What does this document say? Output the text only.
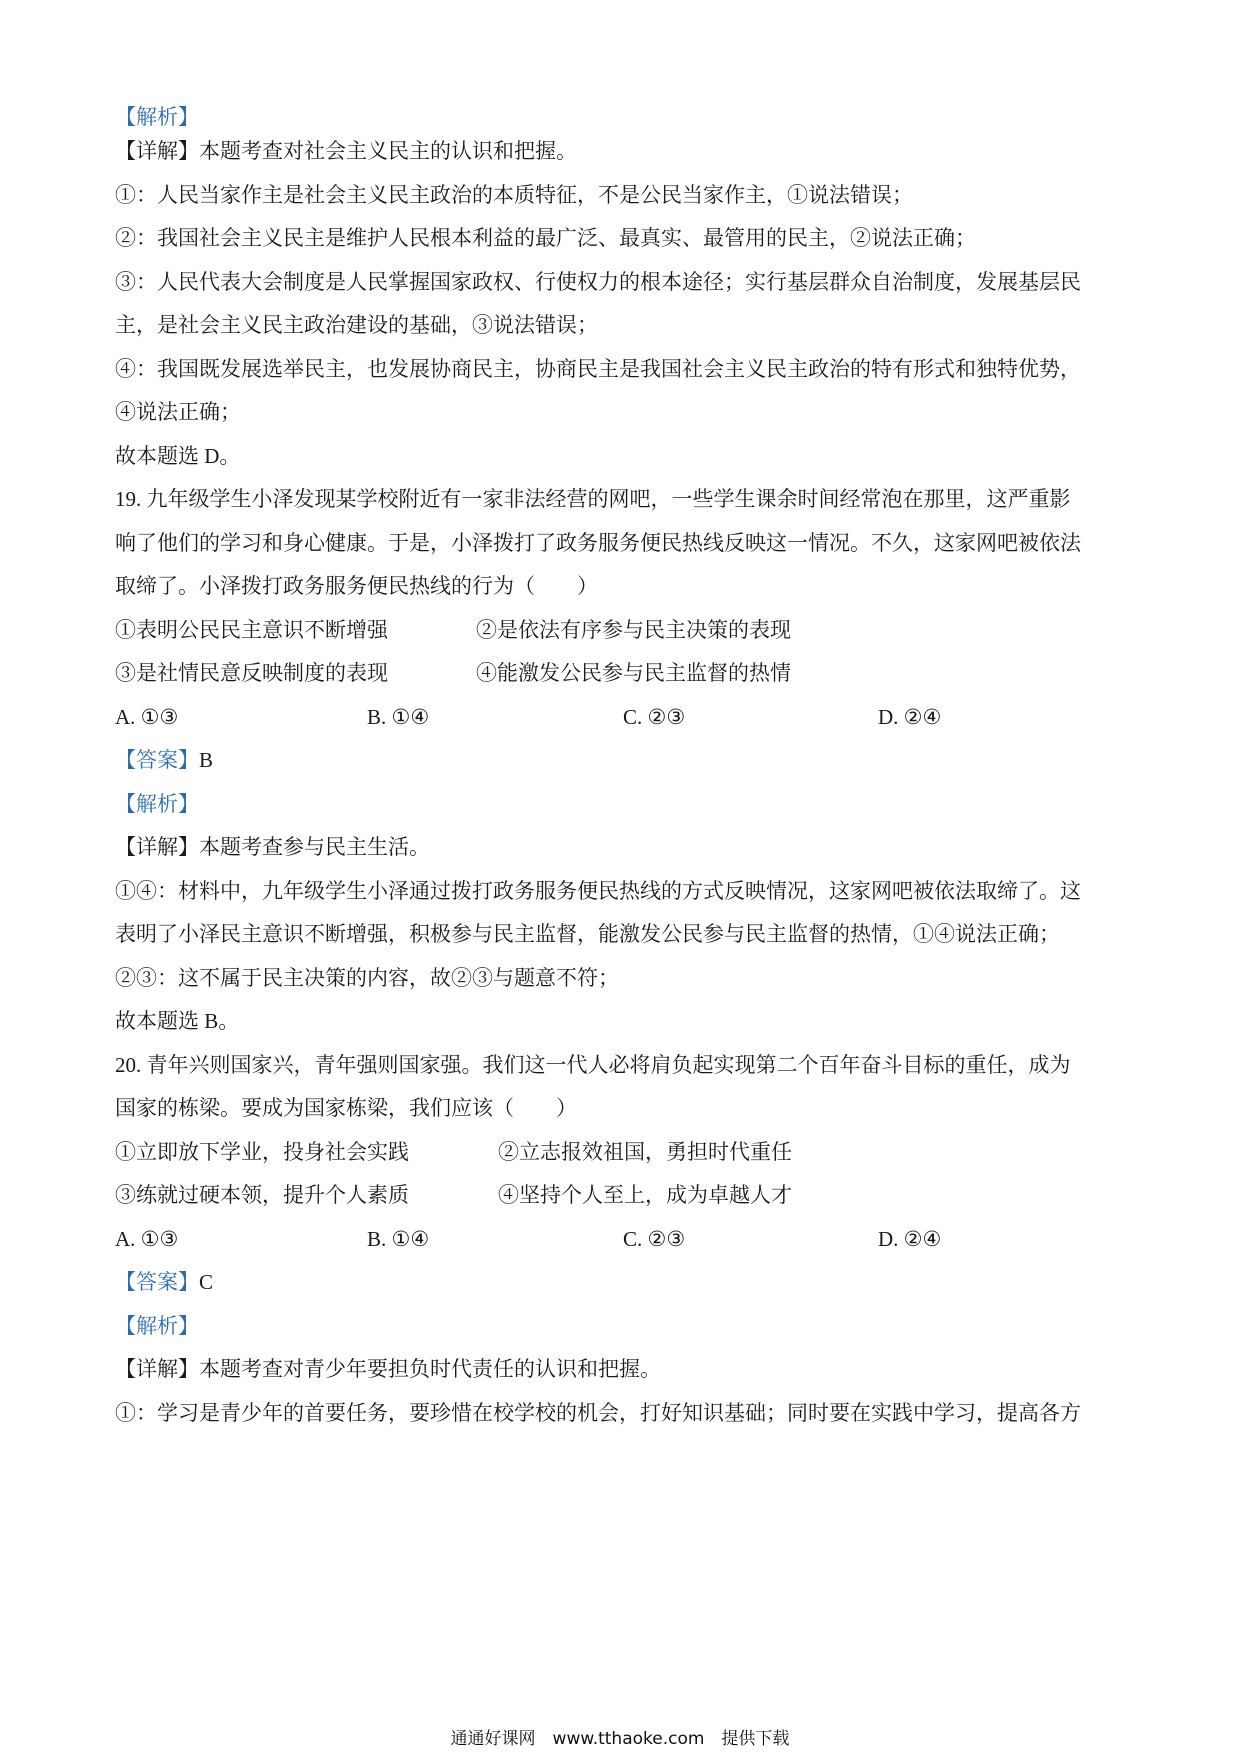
【解析】
【详解】本题考查对社会主义民主的认识和把握。
①：人民当家作主是社会主义民主政治的本质特征，不是公民当家作主，①说法错误；
②：我国社会主义民主是维护人民根本利益的最广泛、最真实、最管用的民主，②说法正确；
③：人民代表大会制度是人民掌握国家政权、行使权力的根本途径；实行基层群众自治制度，发展基层民
主，是社会主义民主政治建设的基础，③说法错误；
④：我国既发展选举民主，也发展协商民主，协商民主是我国社会主义民主政治的特有形式和独特优势，
④说法正确；
故本题选 D。
19. 九年级学生小泽发现某学校附近有一家非法经营的网吧，一些学生课余时间经常泡在那里，这严重影
响了他们的学习和身心健康。于是，小泽拨打了政务服务便民热线反映这一情况。不久，这家网吧被依法
取缔了。小泽拨打政务服务便民热线的行为（　　）
①表明公民民主意识不断增强	②是依法有序参与民主决策的表现
③是社情民意反映制度的表现	④能激发公民参与民主监督的热情
A. ①③	B. ①④	C. ②③	D. ②④
【答案】B
【解析】
【详解】本题考查参与民主生活。
①④：材料中，九年级学生小泽通过拨打政务服务便民热线的方式反映情况，这家网吧被依法取缔了。这
表明了小泽民主意识不断增强，积极参与民主监督，能激发公民参与民主监督的热情，①④说法正确；
②③：这不属于民主决策的内容，故②③与题意不符；
故本题选 B。
20. 青年兴则国家兴，青年强则国家强。我们这一代人必将肩负起实现第二个百年奋斗目标的重任，成为
国家的栋梁。要成为国家栋梁，我们应该（　　）
①立即放下学业，投身社会实践	②立志报效祖国，勇担时代重任
③练就过硬本领，提升个人素质	④坚持个人至上，成为卓越人才
A. ①③	B. ①④	C. ②③	D. ②④
【答案】C
【解析】
【详解】本题考查对青少年要担负时代责任的认识和把握。
①：学习是青少年的首要任务，要珍惜在校学校的机会，打好知识基础；同时要在实践中学习，提高各方
通通好课网　www.tthaoke.com　提供下载
